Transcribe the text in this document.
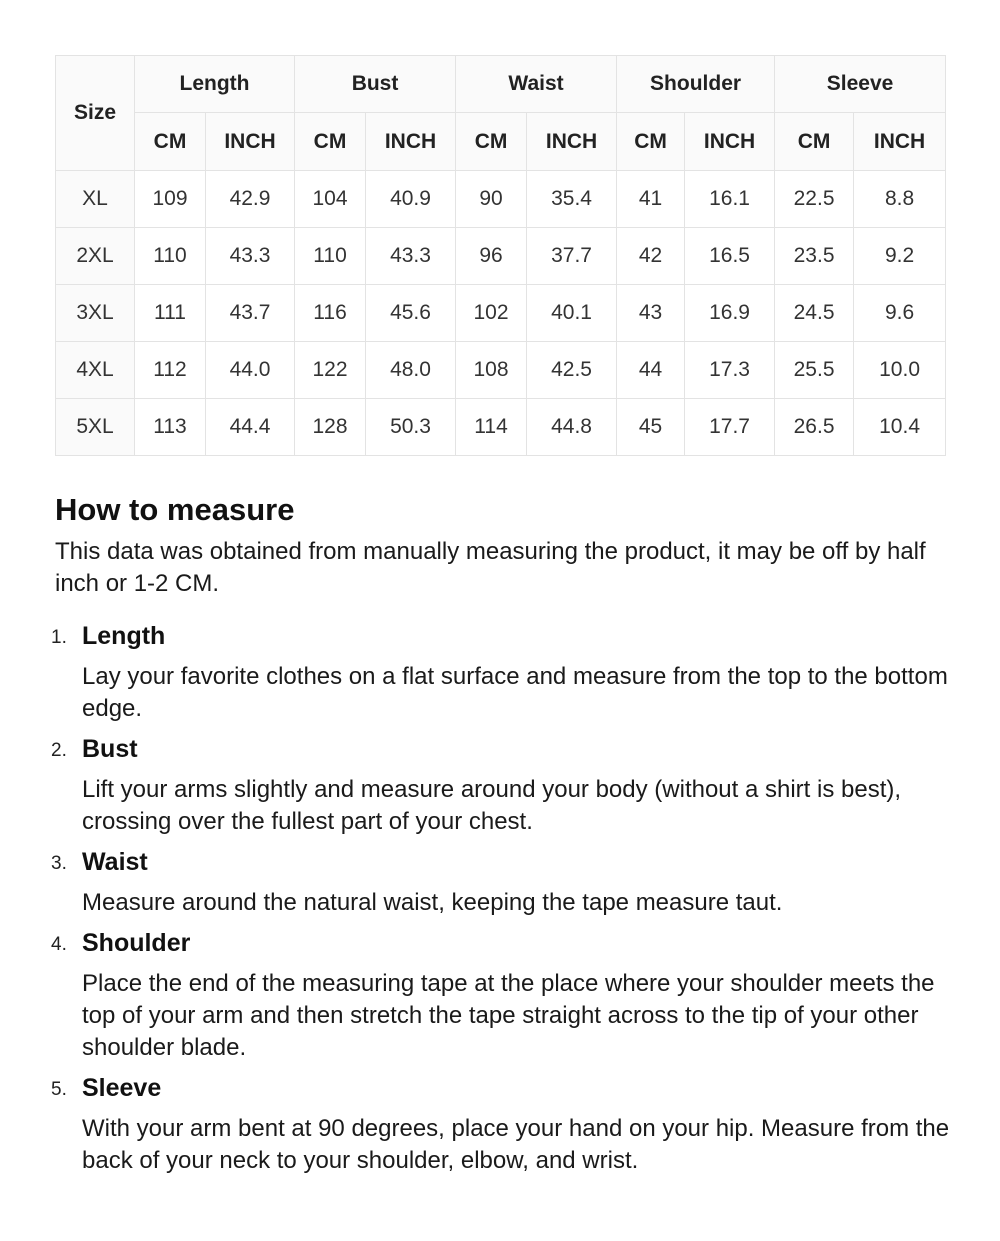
Size	Length		Bust		Waist		Shoulder		Sleeve	
	CM	INCH	CM	INCH	CM	INCH	CM	INCH	CM	INCH
XL	109	42.9	104	40.9	90	35.4	41	16.1	22.5	8.8
2XL	110	43.3	110	43.3	96	37.7	42	16.5	23.5	9.2
3XL	111	43.7	116	45.6	102	40.1	43	16.9	24.5	9.6
4XL	112	44.0	122	48.0	108	42.5	44	17.3	25.5	10.0
5XL	113	44.4	128	50.3	114	44.8	45	17.7	26.5	10.4
How to measure

This data was obtained from manually measuring the product, it may be off by half inch or 1-2 CM.

1. Length

Lay your favorite clothes on a flat surface and measure from the top to the bottom edge.

2. Bust

Lift your arms slightly and measure around your body (without a shirt is best), crossing over the fullest part of your chest.

3. Waist

Measure around the natural waist, keeping the tape measure taut.

4. Shoulder

Place the end of the measuring tape at the place where your shoulder meets the top of your arm and then stretch the tape straight across to the tip of your other shoulder blade.

5. Sleeve

With your arm bent at 90 degrees, place your hand on your hip. Measure from the back of your neck to your shoulder, elbow, and wrist.
